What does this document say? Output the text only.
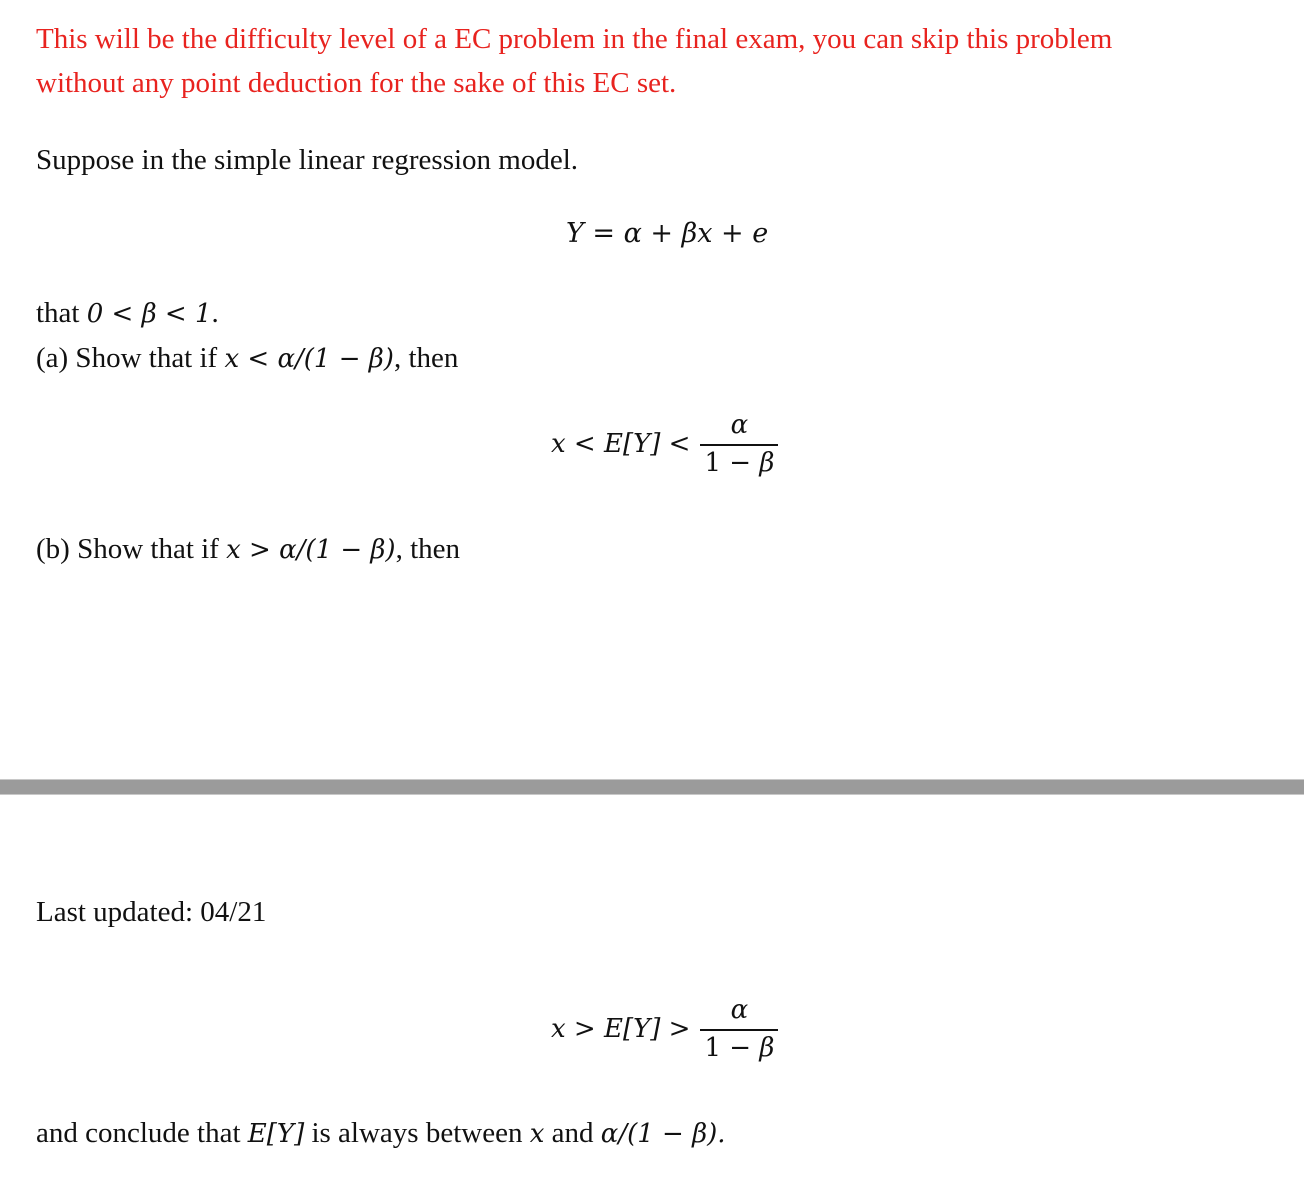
This will be the difficulty level of a EC problem in the final exam, you can skip this problem
without any point deduction for the sake of this EC set.
Suppose in the simple linear regression model.
Y = α + βx + e
that 0 < β < 1.
(a) Show that if x < α/(1 − β), then
$x < E[Y] < \frac{\alpha}{1 - \beta}$
(b) Show that if x > α/(1 − β), then
Last updated: 04/21
$x > E[Y] > \frac{\alpha}{1 - \beta}$
and conclude that E[Y] is always between x and α/(1 − β).
